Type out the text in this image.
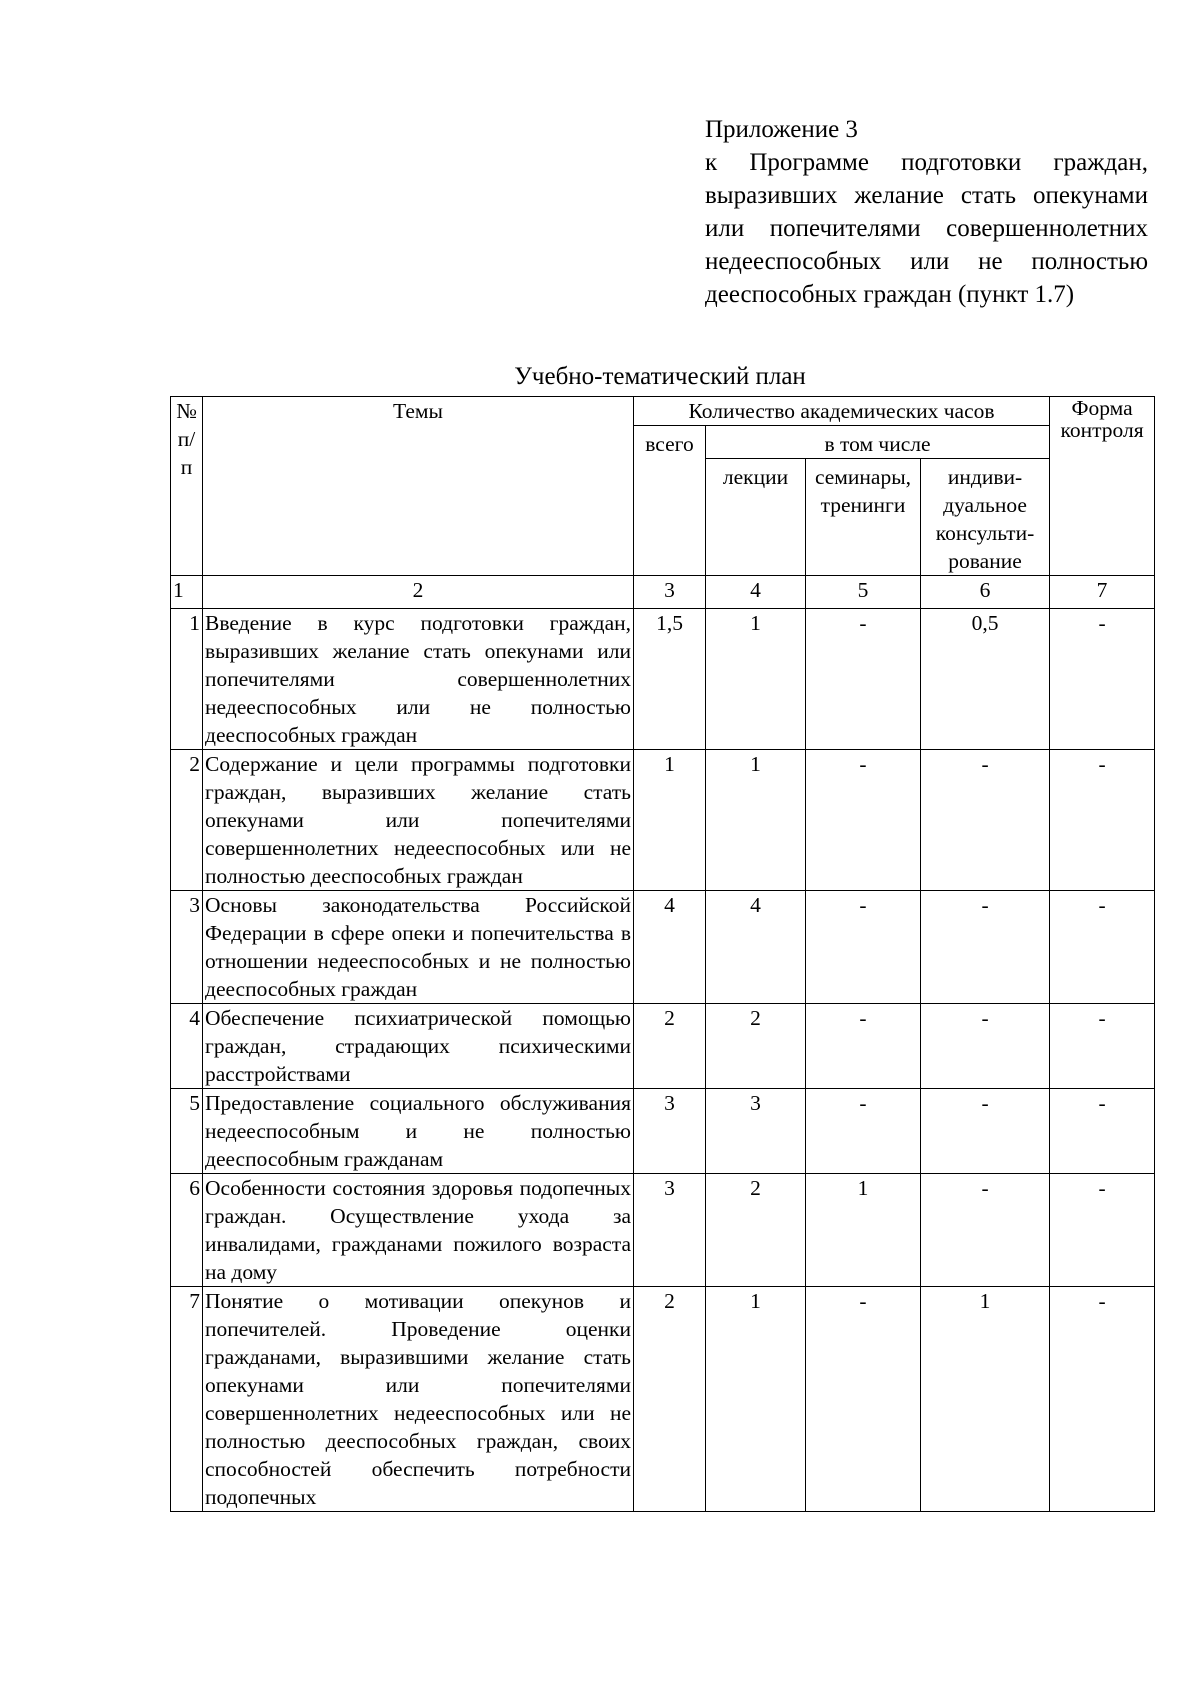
Приложение 3
к Программе подготовки граждан, выразивших желание стать опекунами или попечителями совершеннолетних недееспособных или не полностью дееспособных граждан (пункт 1.7)
Учебно-тематический план
№ п/п	Темы	Количество академических часов				Форма контроля
		всего	в том числе			
			лекции	семинары, тренинги	индиви-дуальное консульти-рование	
1	2	3	4	5	6	7
1	Введение в курс подготовки граждан, выразивших желание стать опекунами или попечителями совершеннолетних недееспособных или не полностью дееспособных граждан	1,5	1	-	0,5	-
2	Содержание и цели программы подготовки граждан, выразивших желание стать опекунами или попечителями совершеннолетних недееспособных или не полностью дееспособных граждан	1	1	-	-	-
3	Основы законодательства Российской Федерации в сфере опеки и попечительства в отношении недееспособных и не полностью дееспособных граждан	4	4	-	-	-
4	Обеспечение психиатрической помощью граждан, страдающих психическими расстройствами	2	2	-	-	-
5	Предоставление социального обслуживания недееспособным и не полностью дееспособным гражданам	3	3	-	-	-
6	Особенности состояния здоровья подопечных граждан. Осуществление ухода за инвалидами, гражданами пожилого возраста на дому	3	2	1	-	-
7	Понятие о мотивации опекунов и попечителей. Проведение оценки гражданами, выразившими желание стать опекунами или попечителями совершеннолетних недееспособных или не полностью дееспособных граждан, своих способностей обеспечить потребности подопечных	2	1	-	1	-
